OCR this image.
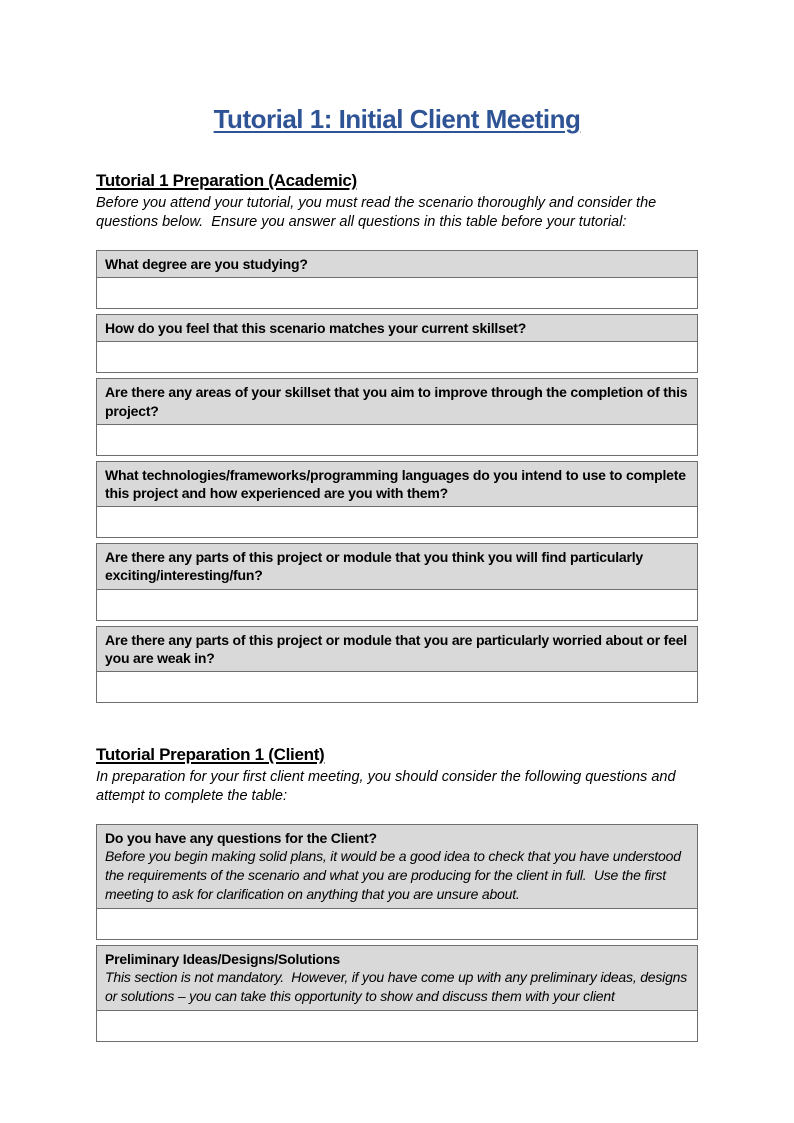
Tutorial 1: Initial Client Meeting
Tutorial 1 Preparation (Academic)

Before you attend your tutorial, you must read the scenario thoroughly and consider the questions below.  Ensure you answer all questions in this table before your tutorial:

What degree are you studying?
How do you feel that this scenario matches your current skillset?
Are there any areas of your skillset that you aim to improve through the completion of this project?
What technologies/frameworks/programming languages do you intend to use to complete this project and how experienced are you with them?
Are there any parts of this project or module that you think you will find particularly exciting/interesting/fun?
Are there any parts of this project or module that you are particularly worried about or feel you are weak in?
Tutorial Preparation 1 (Client)

In preparation for your first client meeting, you should consider the following questions and attempt to complete the table:

Do you have any questions for the Client?
Before you begin making solid plans, it would be a good idea to check that you have understood the requirements of the scenario and what you are producing for the client in full.  Use the first meeting to ask for clarification on anything that you are unsure about.
Preliminary Ideas/Designs/Solutions
This section is not mandatory.  However, if you have come up with any preliminary ideas, designs or solutions – you can take this opportunity to show and discuss them with your client
